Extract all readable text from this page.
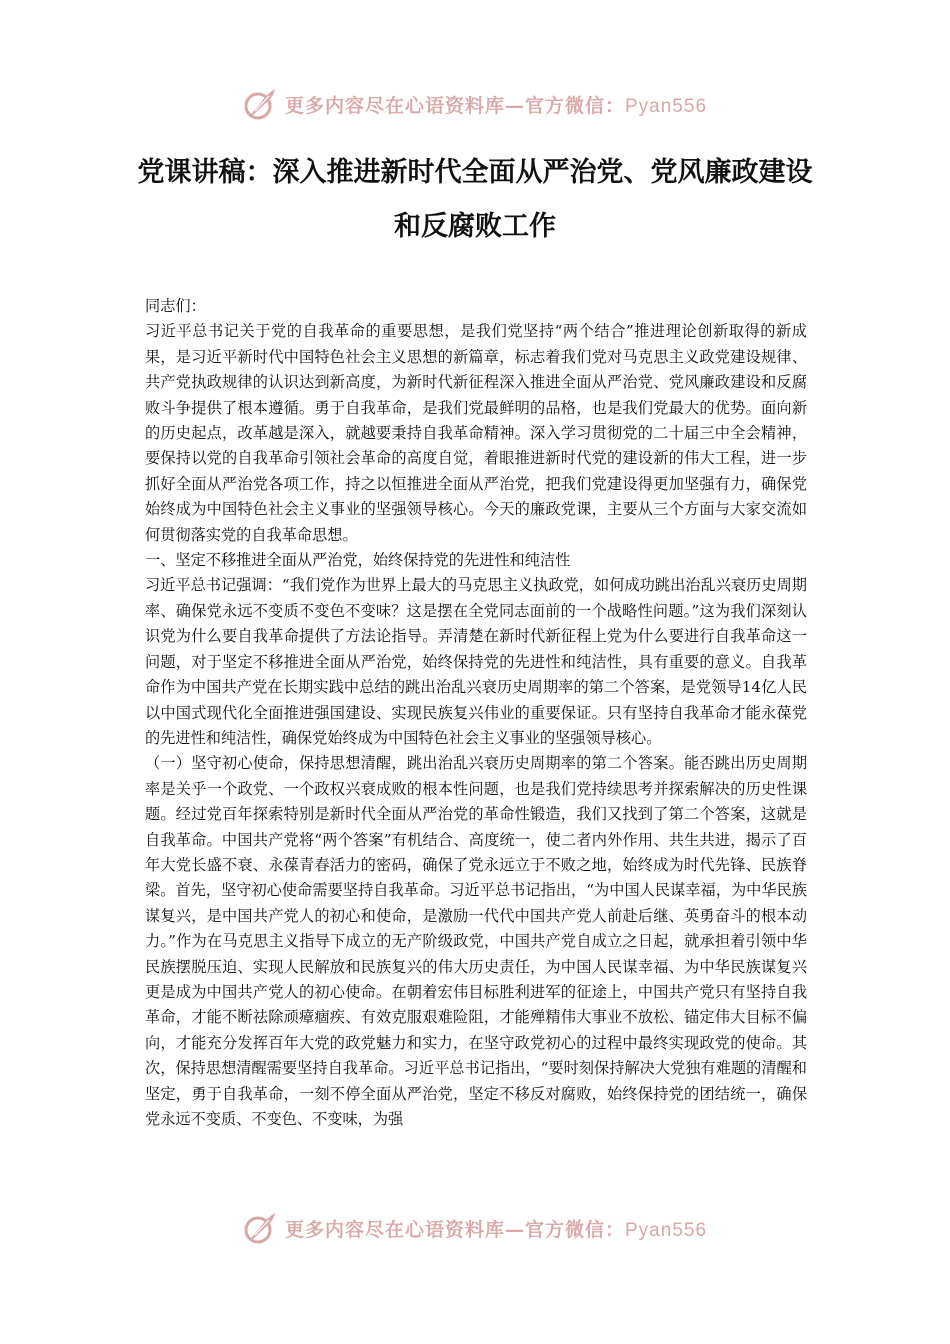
更多内容尽在心语资料库—官方微信：Pyan556
党课讲稿：深入推进新时代全面从严治党、党风廉政建设和反腐败工作

同志们：

习近平总书记关于党的自我革命的重要思想，是我们党坚持“两个结合”推进理论创新取得的新成果，是习近平新时代中国特色社会主义思想的新篇章，标志着我们党对马克思主义政党建设规律、共产党执政规律的认识达到新高度，为新时代新征程深入推进全面从严治党、党风廉政建设和反腐败斗争提供了根本遵循。勇于自我革命，是我们党最鲜明的品格，也是我们党最大的优势。面向新的历史起点，改革越是深入，就越要秉持自我革命精神。深入学习贯彻党的二十届三中全会精神，要保持以党的自我革命引领社会革命的高度自觉，着眼推进新时代党的建设新的伟大工程，进一步抓好全面从严治党各项工作，持之以恒推进全面从严治党，把我们党建设得更加坚强有力，确保党始终成为中国特色社会主义事业的坚强领导核心。今天的廉政党课，主要从三个方面与大家交流如何贯彻落实党的自我革命思想。

一、坚定不移推进全面从严治党，始终保持党的先进性和纯洁性

习近平总书记强调：“我们党作为世界上最大的马克思主义执政党，如何成功跳出治乱兴衰历史周期率、确保党永远不变质不变色不变味？这是摆在全党同志面前的一个战略性问题。”这为我们深刻认识党为什么要自我革命提供了方法论指导。弄清楚在新时代新征程上党为什么要进行自我革命这一问题，对于坚定不移推进全面从严治党，始终保持党的先进性和纯洁性，具有重要的意义。自我革命作为中国共产党在长期实践中总结的跳出治乱兴衰历史周期率的第二个答案，是党领导14亿人民以中国式现代化全面推进强国建设、实现民族复兴伟业的重要保证。只有坚持自我革命才能永葆党的先进性和纯洁性，确保党始终成为中国特色社会主义事业的坚强领导核心。

（一）坚守初心使命，保持思想清醒，跳出治乱兴衰历史周期率的第二个答案。能否跳出历史周期率是关乎一个政党、一个政权兴衰成败的根本性问题，也是我们党持续思考并探索解决的历史性课题。经过党百年探索特别是新时代全面从严治党的革命性锻造，我们又找到了第二个答案，这就是自我革命。中国共产党将“两个答案”有机结合、高度统一，使二者内外作用、共生共进，揭示了百年大党长盛不衰、永葆青春活力的密码，确保了党永远立于不败之地，始终成为时代先锋、民族脊梁。首先，坚守初心使命需要坚持自我革命。习近平总书记指出，“为中国人民谋幸福，为中华民族谋复兴，是中国共产党人的初心和使命，是激励一代代中国共产党人前赴后继、英勇奋斗的根本动力。”作为在马克思主义指导下成立的无产阶级政党，中国共产党自成立之日起，就承担着引领中华民族摆脱压迫、实现人民解放和民族复兴的伟大历史责任，为中国人民谋幸福、为中华民族谋复兴更是成为中国共产党人的初心使命。在朝着宏伟目标胜利进军的征途上，中国共产党只有坚持自我革命，才能不断祛除顽瘴痼疾、有效克服艰难险阻，才能殚精伟大事业不放松、锚定伟大目标不偏向，才能充分发挥百年大党的政党魅力和实力，在坚守政党初心的过程中最终实现政党的使命。其次，保持思想清醒需要坚持自我革命。习近平总书记指出，“要时刻保持解决大党独有难题的清醒和坚定，勇于自我革命，一刻不停全面从严治党，坚定不移反对腐败，始终保持党的团结统一，确保党永远不变质、不变色、不变味，为强

更多内容尽在心语资料库—官方微信：Pyan556
